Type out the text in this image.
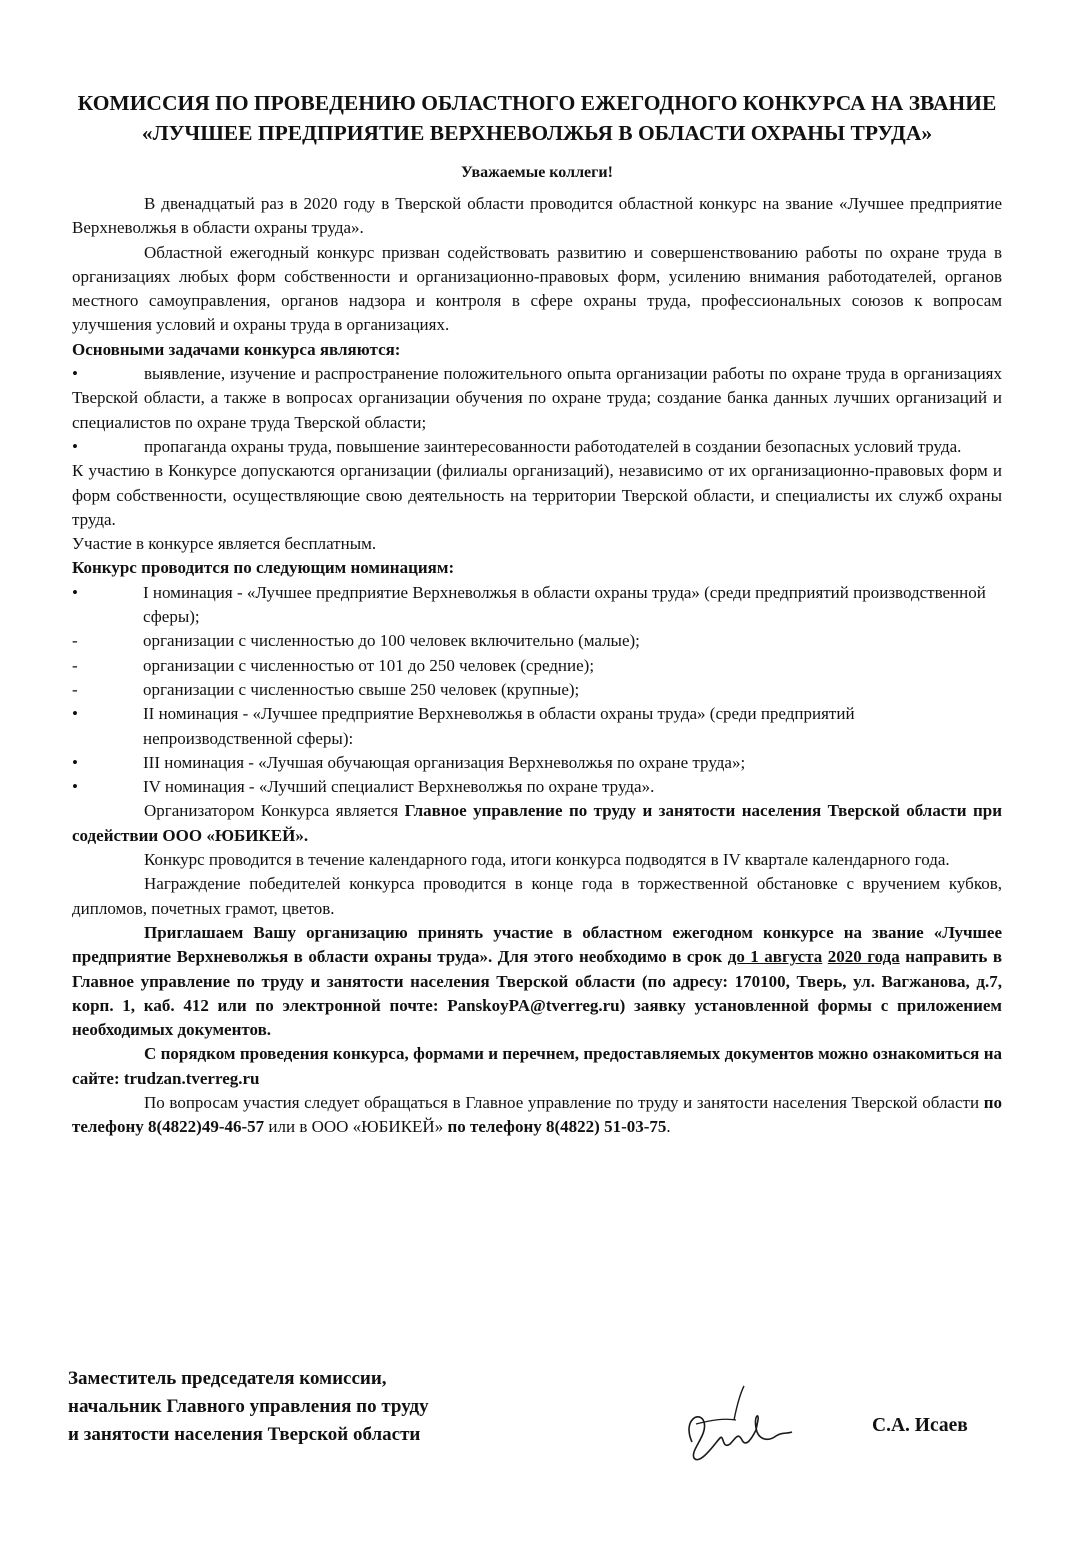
КОМИССИЯ ПО ПРОВЕДЕНИЮ ОБЛАСТНОГО ЕЖЕГОДНОГО КОНКУРСА НА ЗВАНИЕ «ЛУЧШЕЕ ПРЕДПРИЯТИЕ ВЕРХНЕВОЛЖЬЯ В ОБЛАСТИ ОХРАНЫ ТРУДА»
Уважаемые коллеги!

В двенадцатый раз в 2020 году в Тверской области проводится областной конкурс на звание «Лучшее предприятие Верхневолжья в области охраны труда».

Областной ежегодный конкурс призван содействовать развитию и совершенствованию работы по охране труда в организациях любых форм собственности и организационно-правовых форм, усилению внимания работодателей, органов местного самоуправления, органов надзора и контроля в сфере охраны труда, профессиональных союзов к вопросам улучшения условий и охраны труда в организациях.

Основными задачами конкурса являются:

•	выявление, изучение и распространение положительного опыта организации работы по охране труда в организациях Тверской области, а также в вопросах организации обучения по охране труда; создание банка данных лучших организаций и специалистов по охране труда Тверской области;
•	пропаганда охраны труда, повышение заинтересованности работодателей в создании безопасных условий труда.

К участию в Конкурсе допускаются организации (филиалы организаций), независимо от их организационно-правовых форм и форм собственности, осуществляющие свою деятельность на территории Тверской области, и специалисты их служб охраны труда.

Участие в конкурсе является бесплатным.

Конкурс проводится по следующим номинациям:

•	I номинация - «Лучшее предприятие Верхневолжья в области охраны труда» (среди предприятий производственной сферы);
-	организации с численностью до 100 человек включительно (малые);
-	организации с численностью от 101 до 250 человек (средние);
-	организации с численностью свыше 250 человек (крупные);
•	II номинация - «Лучшее предприятие Верхневолжья в области охраны труда» (среди предприятий непроизводственной сферы):
•	III номинация - «Лучшая обучающая организация Верхневолжья по охране труда»;
•	IV номинация - «Лучший специалист Верхневолжья по охране труда».

Организатором Конкурса является Главное управление по труду и занятости населения Тверской области при содействии ООО «ЮБИКЕЙ».

Конкурс проводится в течение календарного года, итоги конкурса подводятся в IV квартале календарного года.

Награждение победителей конкурса проводится в конце года в торжественной обстановке с вручением кубков, дипломов, почетных грамот, цветов.

Приглашаем Вашу организацию принять участие в областном ежегодном конкурсе на звание «Лучшее предприятие Верхневолжья в области охраны труда». Для этого необходимо в срок до 1 августа 2020 года направить в Главное управление по труду и занятости населения Тверской области (по адресу: 170100, Тверь, ул. Вагжанова, д.7, корп. 1, каб. 412 или по электронной почте: PanskoyPA@tverreg.ru) заявку установленной формы с приложением необходимых документов.

С порядком проведения конкурса, формами и перечнем, предоставляемых документов можно ознакомиться на сайте: trudzan.tverreg.ru

По вопросам участия следует обращаться в Главное управление по труду и занятости населения Тверской области по телефону 8(4822)49-46-57 или в ООО «ЮБИКЕЙ» по телефону 8(4822) 51-03-75.

Заместитель председателя комиссии,
начальник Главного управления по труду
и занятости населения Тверской области	С.А. Исаев
